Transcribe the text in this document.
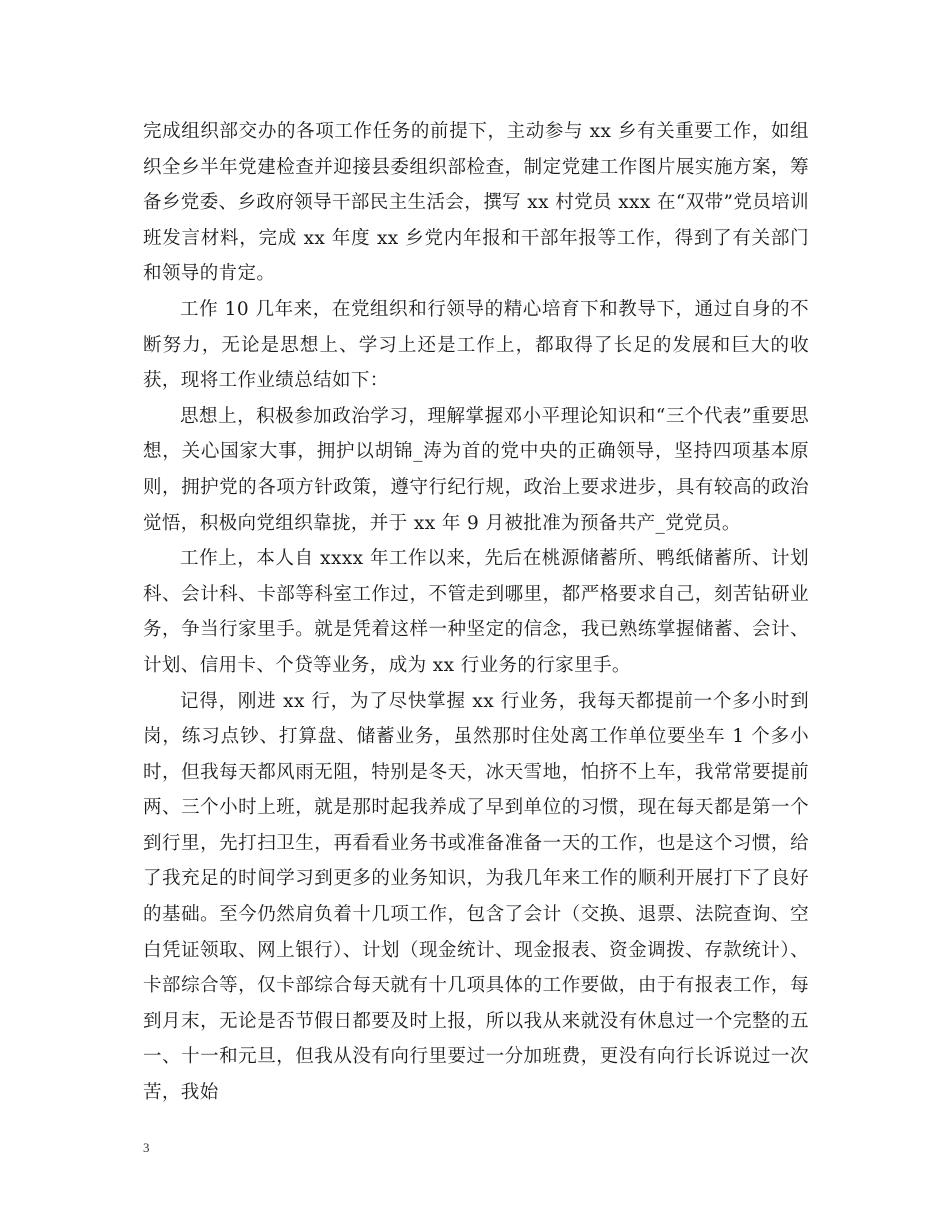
完成组织部交办的各项工作任务的前提下，主动参与 xx 乡有关重要工作，如组织全乡半年党建检查并迎接县委组织部检查，制定党建工作图片展实施方案，筹备乡党委、乡政府领导干部民主生活会，撰写 xx 村党员 xxx 在“双带”党员培训班发言材料，完成 xx 年度 xx 乡党内年报和干部年报等工作，得到了有关部门和领导的肯定。

工作 10 几年来，在党组织和行领导的精心培育下和教导下，通过自身的不断努力，无论是思想上、学习上还是工作上，都取得了长足的发展和巨大的收获，现将工作业绩总结如下：

思想上，积极参加政治学习，理解掌握邓小平理论知识和“三个代表”重要思想，关心国家大事，拥护以胡锦_涛为首的党中央的正确领导，坚持四项基本原则，拥护党的各项方针政策，遵守行纪行规，政治上要求进步，具有较高的政治觉悟，积极向党组织靠拢，并于 xx 年 9 月被批准为预备共产_党党员。

工作上，本人自 xxxx 年工作以来，先后在桃源储蓄所、鸭纸储蓄所、计划科、会计科、卡部等科室工作过，不管走到哪里，都严格要求自己，刻苦钻研业务，争当行家里手。就是凭着这样一种坚定的信念，我已熟练掌握储蓄、会计、计划、信用卡、个贷等业务，成为 xx 行业务的行家里手。

记得，刚进 xx 行，为了尽快掌握 xx 行业务，我每天都提前一个多小时到岗，练习点钞、打算盘、储蓄业务，虽然那时住处离工作单位要坐车 1 个多小时，但我每天都风雨无阻，特别是冬天，冰天雪地，怕挤不上车，我常常要提前两、三个小时上班，就是那时起我养成了早到单位的习惯，现在每天都是第一个到行里，先打扫卫生，再看看业务书或准备准备一天的工作，也是这个习惯，给了我充足的时间学习到更多的业务知识，为我几年来工作的顺利开展打下了良好的基础。至今仍然肩负着十几项工作，包含了会计（交换、退票、法院查询、空白凭证领取、网上银行）、计划（现金统计、现金报表、资金调拨、存款统计）、卡部综合等，仅卡部综合每天就有十几项具体的工作要做，由于有报表工作，每到月末，无论是否节假日都要及时上报，所以我从来就没有休息过一个完整的五一、十一和元旦，但我从没有向行里要过一分加班费，更没有向行长诉说过一次苦，我始

3
